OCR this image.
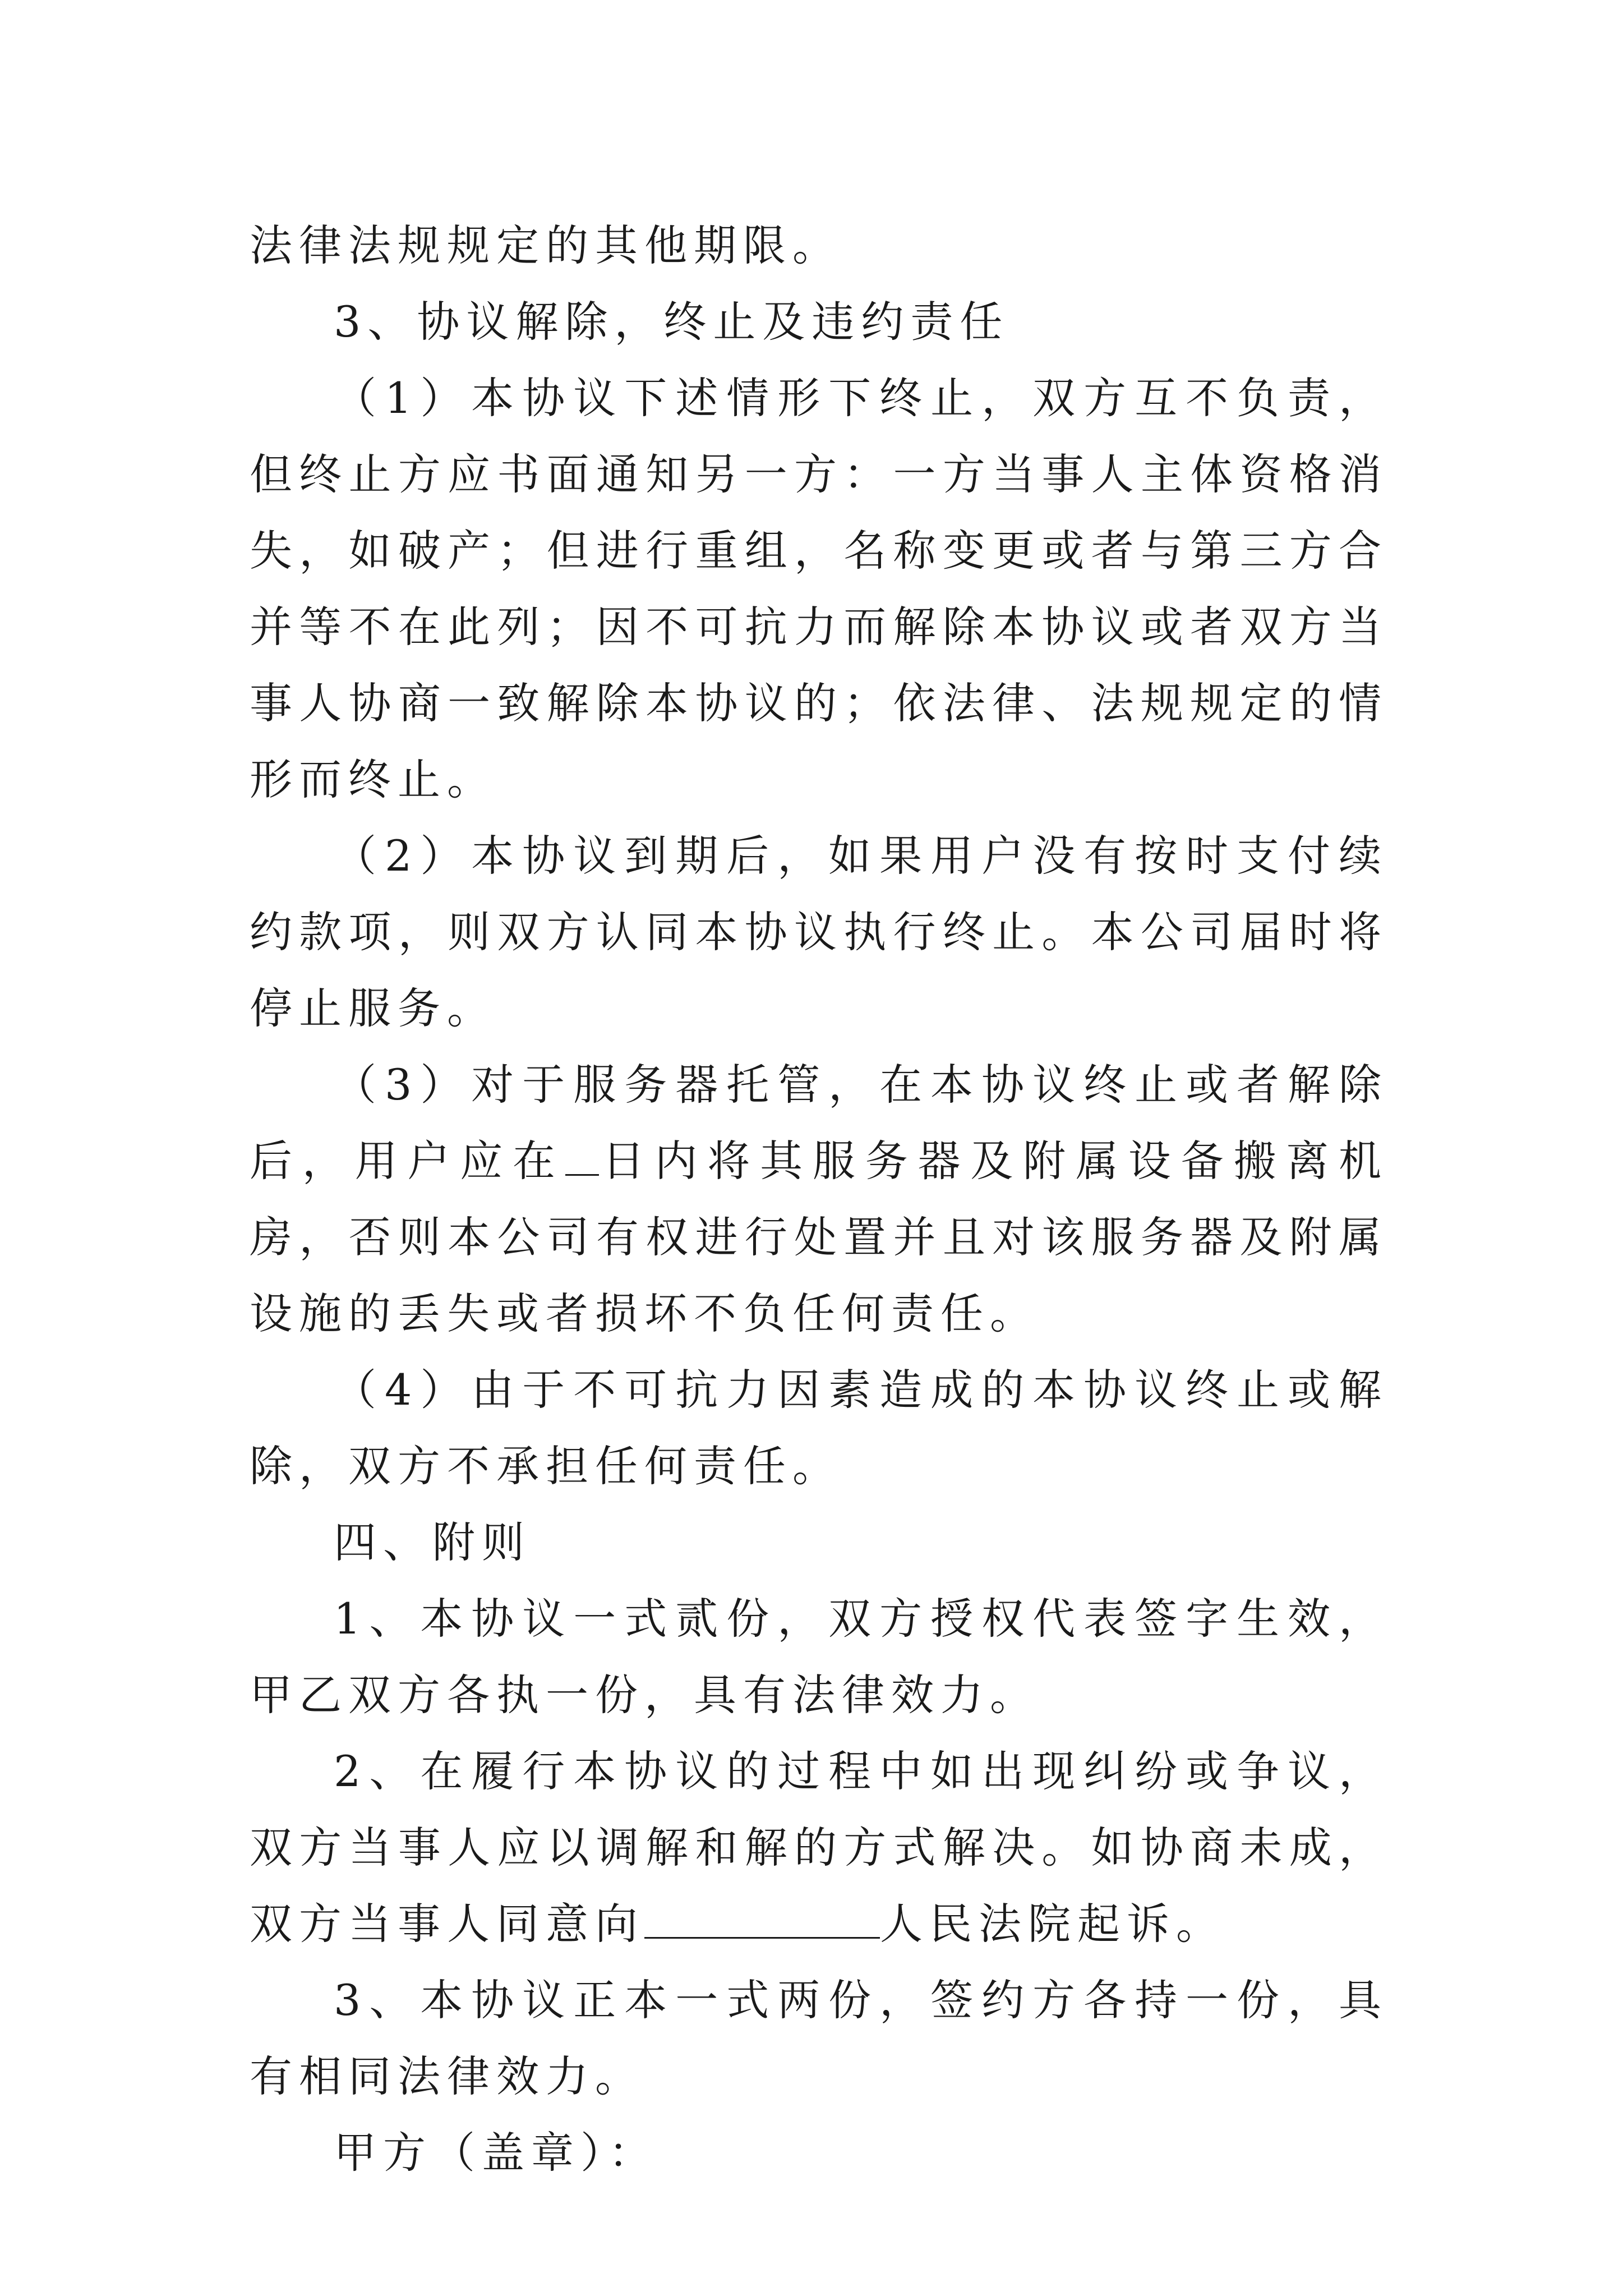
法律法规规定的其他期限。

3、协议解除，终止及违约责任

（1）本协议下述情形下终止，双方互不负责，但终止方应书面通知另一方：一方当事人主体资格消失，如破产；但进行重组，名称变更或者与第三方合并等不在此列；因不可抗力而解除本协议或者双方当事人协商一致解除本协议的；依法律、法规规定的情形而终止。

（2）本协议到期后，如果用户没有按时支付续约款项，则双方认同本协议执行终止。本公司届时将停止服务。

（3）对于服务器托管，在本协议终止或者解除后，用户应在 日内将其服务器及附属设备搬离机房，否则本公司有权进行处置并且对该服务器及附属设施的丢失或者损坏不负任何责任。

（4）由于不可抗力因素造成的本协议终止或解除，双方不承担任何责任。

四、附则

1、本协议一式贰份，双方授权代表签字生效，甲乙双方各执一份，具有法律效力。

2、在履行本协议的过程中如出现纠纷或争议，双方当事人应以调解和解的方式解决。如协商未成，双方当事人同意向	人民法院起诉。

3、本协议正本一式两份，签约方各持一份，具有相同法律效力。

甲方（盖章）：
